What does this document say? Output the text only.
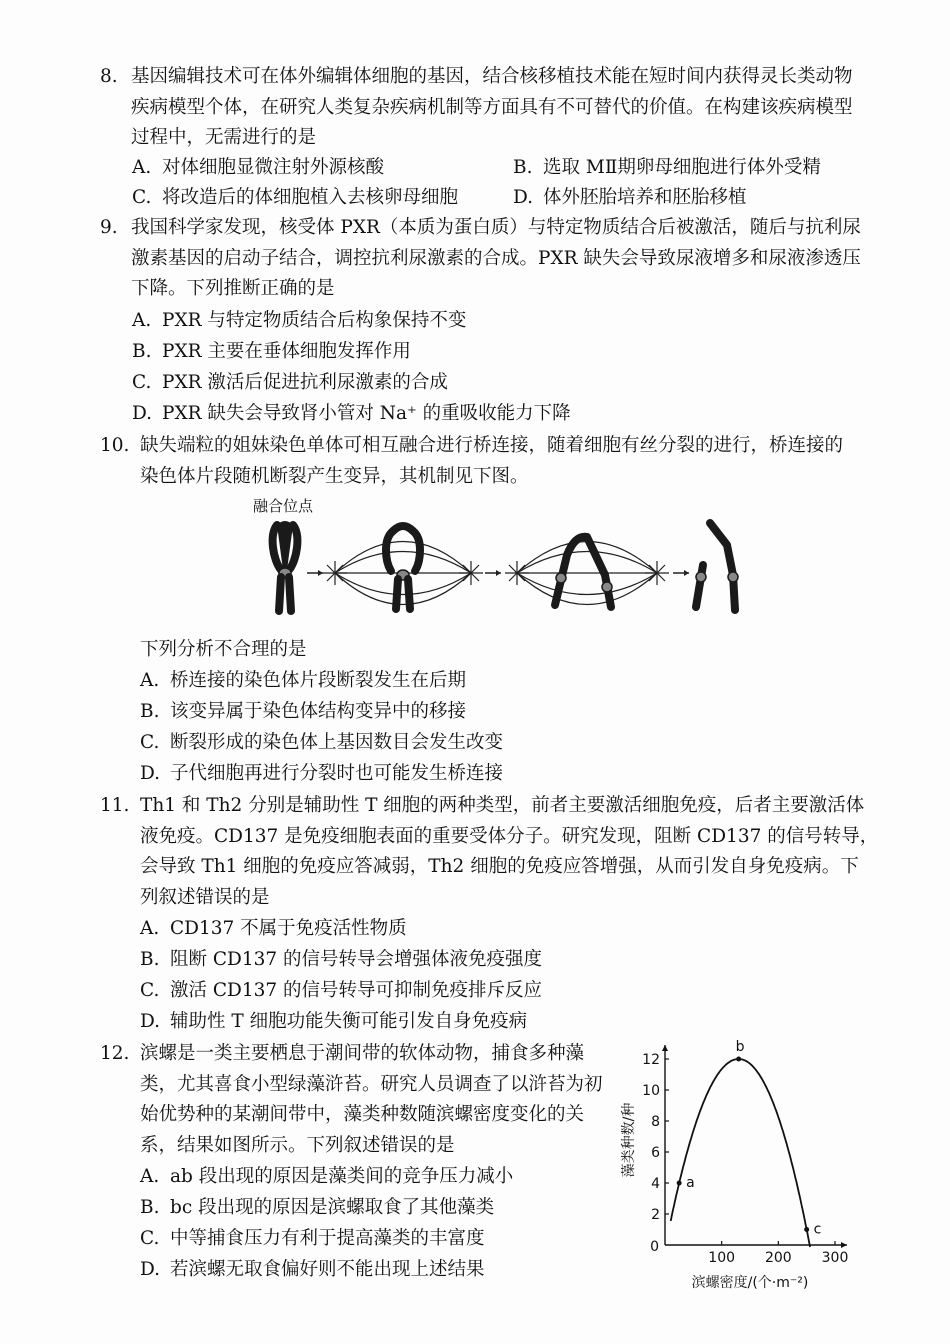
8. 基因编辑技术可在体外编辑体细胞的基因，结合核移植技术能在短时间内获得灵长类动物
疾病模型个体，在研究人类复杂疾病机制等方面具有不可替代的价值。在构建该疾病模型
过程中，无需进行的是
A. 对体细胞显微注射外源核酸	B. 选取 MⅡ期卵母细胞进行体外受精
C. 将改造后的体细胞植入去核卵母细胞	D. 体外胚胎培养和胚胎移植
9. 我国科学家发现，核受体 PXR（本质为蛋白质）与特定物质结合后被激活，随后与抗利尿
激素基因的启动子结合，调控抗利尿激素的合成。PXR 缺失会导致尿液增多和尿液渗透压
下降。下列推断正确的是
A. PXR 与特定物质结合后构象保持不变
B. PXR 主要在垂体细胞发挥作用
C. PXR 激活后促进抗利尿激素的合成
D. PXR 缺失会导致肾小管对 Na⁺ 的重吸收能力下降
10. 缺失端粒的姐妹染色单体可相互融合进行桥连接，随着细胞有丝分裂的进行，桥连接的
染色体片段随机断裂产生变异，其机制见下图。
融合位点
下列分析不合理的是
A. 桥连接的染色体片段断裂发生在后期
B. 该变异属于染色体结构变异中的移接
C. 断裂形成的染色体上基因数目会发生改变
D. 子代细胞再进行分裂时也可能发生桥连接
11. Th1 和 Th2 分别是辅助性 T 细胞的两种类型，前者主要激活细胞免疫，后者主要激活体
液免疫。CD137 是免疫细胞表面的重要受体分子。研究发现，阻断 CD137 的信号转导，
会导致 Th1 细胞的免疫应答减弱，Th2 细胞的免疫应答增强，从而引发自身免疫病。下
列叙述错误的是
A. CD137 不属于免疫活性物质
B. 阻断 CD137 的信号转导会增强体液免疫强度
C. 激活 CD137 的信号转导可抑制免疫排斥反应
D. 辅助性 T 细胞功能失衡可能引发自身免疫病
12. 滨螺是一类主要栖息于潮间带的软体动物，捕食多种藻
类，尤其喜食小型绿藻浒苔。研究人员调查了以浒苔为初
始优势种的某潮间带中，藻类种数随滨螺密度变化的关
系，结果如图所示。下列叙述错误的是
A. ab 段出现的原因是藻类间的竞争压力减小
B. bc 段出现的原因是滨螺取食了其他藻类
C. 中等捕食压力有利于提高藻类的丰富度
D. 若滨螺无取食偏好则不能出现上述结果
0
100 200 300
2
4
6
8
10
12
a
b
c
藻类种数/种
滨螺密度/(个·m⁻²)
